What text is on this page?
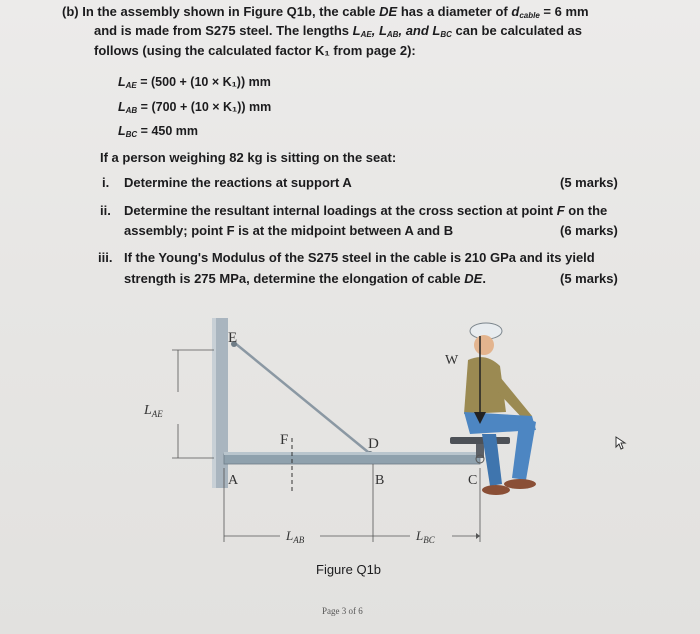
(b) In the assembly shown in Figure Q1b, the cable DE has a diameter of $d_{cable} = 6$ mm
and is made from S275 steel. The lengths $L_{AE}$, $L_{AB}$, and $L_{BC}$ can be calculated as
follows (using the calculated factor K₁ from page 2):
$L_{AE} = (500 + (10 \times K_1))$ mm
$L_{AB} = (700 + (10 \times K_1))$ mm
$L_{BC} = 450$ mm
If a person weighing 82 kg is sitting on the seat:
i. Determine the reactions at support A	(5 marks)
ii. Determine the resultant internal loadings at the cross section at point F on the
assembly; point F is at the midpoint between A and B	(6 marks)
iii. If the Young's Modulus of the S275 steel in the cable is 210 GPa and its yield
strength is 275 MPa, determine the elongation of cable DE.	(5 marks)
E
W
F	D
A	B	C
$L_{AE}$
$L_{AB}$	$L_{BC}$
Figure Q1b
Page 3 of 6
